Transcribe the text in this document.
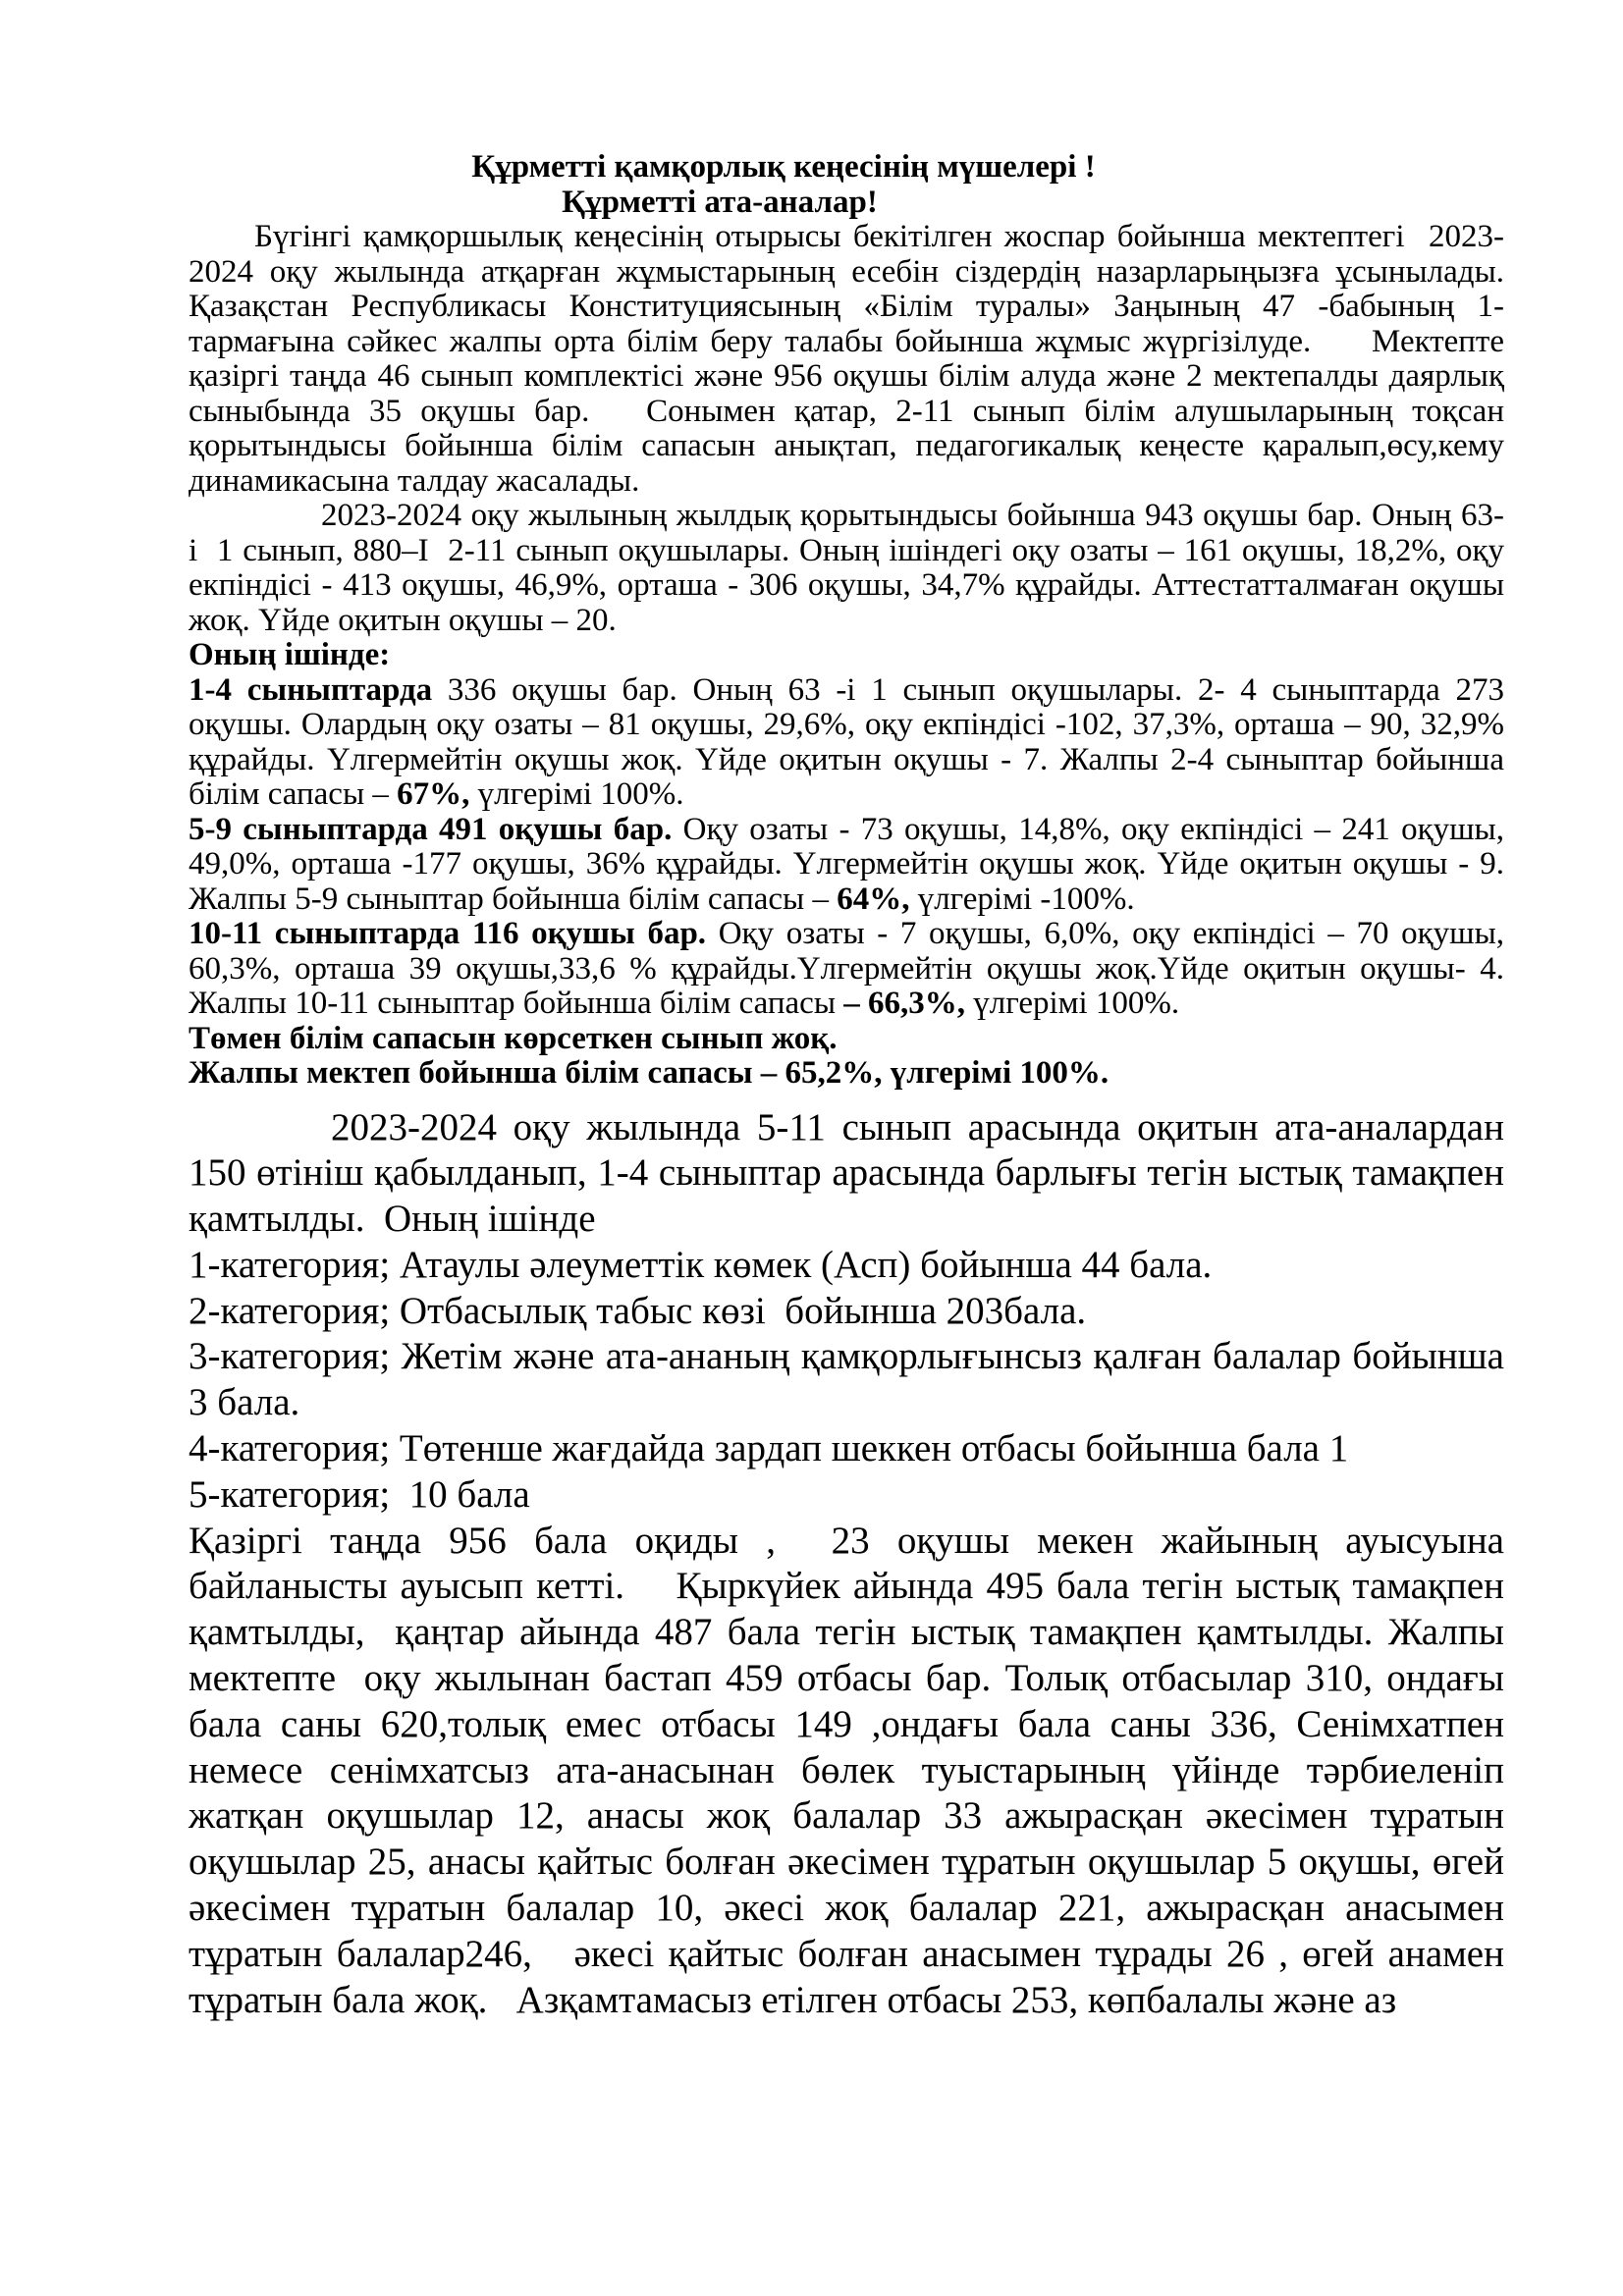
Құрметті қамқорлық кеңесінің мүшелері !

Құрметті ата-аналар!

Бүгінгі қамқоршылық кеңесінің отырысы бекітілген жоспар бойынша мектептегі  2023-2024 оқу жылында атқарған жұмыстарының есебін сіздердің назарларыңызға ұсынылады. Қазақстан Республикасы Конституциясының «Білім туралы» Заңының 47 -бабының 1-тармағына сәйкес жалпы орта білім беру талабы бойынша жұмыс жүргізілуде.     Мектепте қазіргі таңда 46 сынып комплектісі және 956 оқушы білім алуда және 2 мектепалды даярлық сыныбында 35 оқушы бар.   Сонымен қатар, 2-11 сынып білім алушыларының тоқсан қорытындысы бойынша білім сапасын анықтап, педагогикалық кеңесте қаралып,өсу,кему динамикасына талдау жасалады.

2023-2024 оқу жылының жылдық қорытындысы бойынша 943 оқушы бар. Оның 63-і  1 сынып, 880–І  2-11 сынып оқушылары. Оның ішіндегі оқу озаты – 161 оқушы, 18,2%, оқу екпіндісі - 413 оқушы, 46,9%, орташа - 306 оқушы, 34,7% құрайды. Аттестатталмаған оқушы жоқ. Үйде оқитын оқушы – 20.

Оның ішінде:

1-4 сыныптарда 336 оқушы бар. Оның 63 -і 1 сынып оқушылары. 2- 4 сыныптарда 273 оқушы. Олардың оқу озаты – 81 оқушы, 29,6%, оқу екпіндісі -102, 37,3%, орташа – 90, 32,9% құрайды. Үлгермейтін оқушы жоқ. Үйде оқитын оқушы - 7. Жалпы 2-4 сыныптар бойынша білім сапасы – 67%, үлгерімі 100%.

5-9 сыныптарда 491 оқушы бар. Оқу озаты - 73 оқушы, 14,8%, оқу екпіндісі – 241 оқушы, 49,0%, орташа -177 оқушы, 36% құрайды. Үлгермейтін оқушы жоқ. Үйде оқитын оқушы - 9. Жалпы 5-9 сыныптар бойынша білім сапасы – 64%, үлгерімі -100%.

10-11 сыныптарда 116 оқушы бар. Оқу озаты - 7 оқушы, 6,0%, оқу екпіндісі – 70 оқушы, 60,3%, орташа 39 оқушы,33,6 % құрайды.Үлгермейтін оқушы жоқ.Үйде оқитын оқушы- 4. Жалпы 10-11 сыныптар бойынша білім сапасы – 66,3%, үлгерімі 100%.

Төмен білім сапасын көрсеткен сынып жоқ.

Жалпы мектеп бойынша білім сапасы – 65,2%, үлгерімі 100%.

2023-2024 оқу жылында 5-11 сынып арасында оқитын ата-аналардан 150 өтініш қабылданып, 1-4 сыныптар арасында барлығы тегін ыстық тамақпен қамтылды.  Оның ішінде

1-категория; Атаулы әлеуметтік көмек (Асп) бойынша 44 бала.

2-категория; Отбасылық табыс көзі  бойынша 203бала.

3-категория; Жетім және ата-ананың қамқорлығынсыз қалған балалар бойынша 3 бала.

4-категория; Төтенше жағдайда зардап шеккен отбасы бойынша бала 1

5-категория;  10 бала

Қазіргі таңда 956 бала оқиды ,  23 оқушы мекен жайының ауысуына байланысты ауысып кетті.    Қыркүйек айында 495 бала тегін ыстық тамақпен қамтылды,  қаңтар айында 487 бала тегін ыстық тамақпен қамтылды. Жалпы мектепте  оқу жылынан бастап 459 отбасы бар. Толық отбасылар 310, ондағы бала саны 620,толық емес отбасы 149 ,ондағы бала саны 336, Сенімхатпен немесе сенімхатсыз ата-анасынан бөлек туыстарының үйінде тәрбиеленіп жатқан оқушылар 12, анасы жоқ балалар 33 ажырасқан әкесімен тұратын оқушылар 25, анасы қайтыс болған әкесімен тұратын оқушылар 5 оқушы, өгей әкесімен тұратын балалар 10, әкесі жоқ балалар 221, ажырасқан анасымен тұратын балалар246,   әкесі қайтыс болған анасымен тұрады 26 , өгей анамен тұратын бала жоқ.   Азқамтамасыз етілген отбасы 253, көпбалалы және аз
